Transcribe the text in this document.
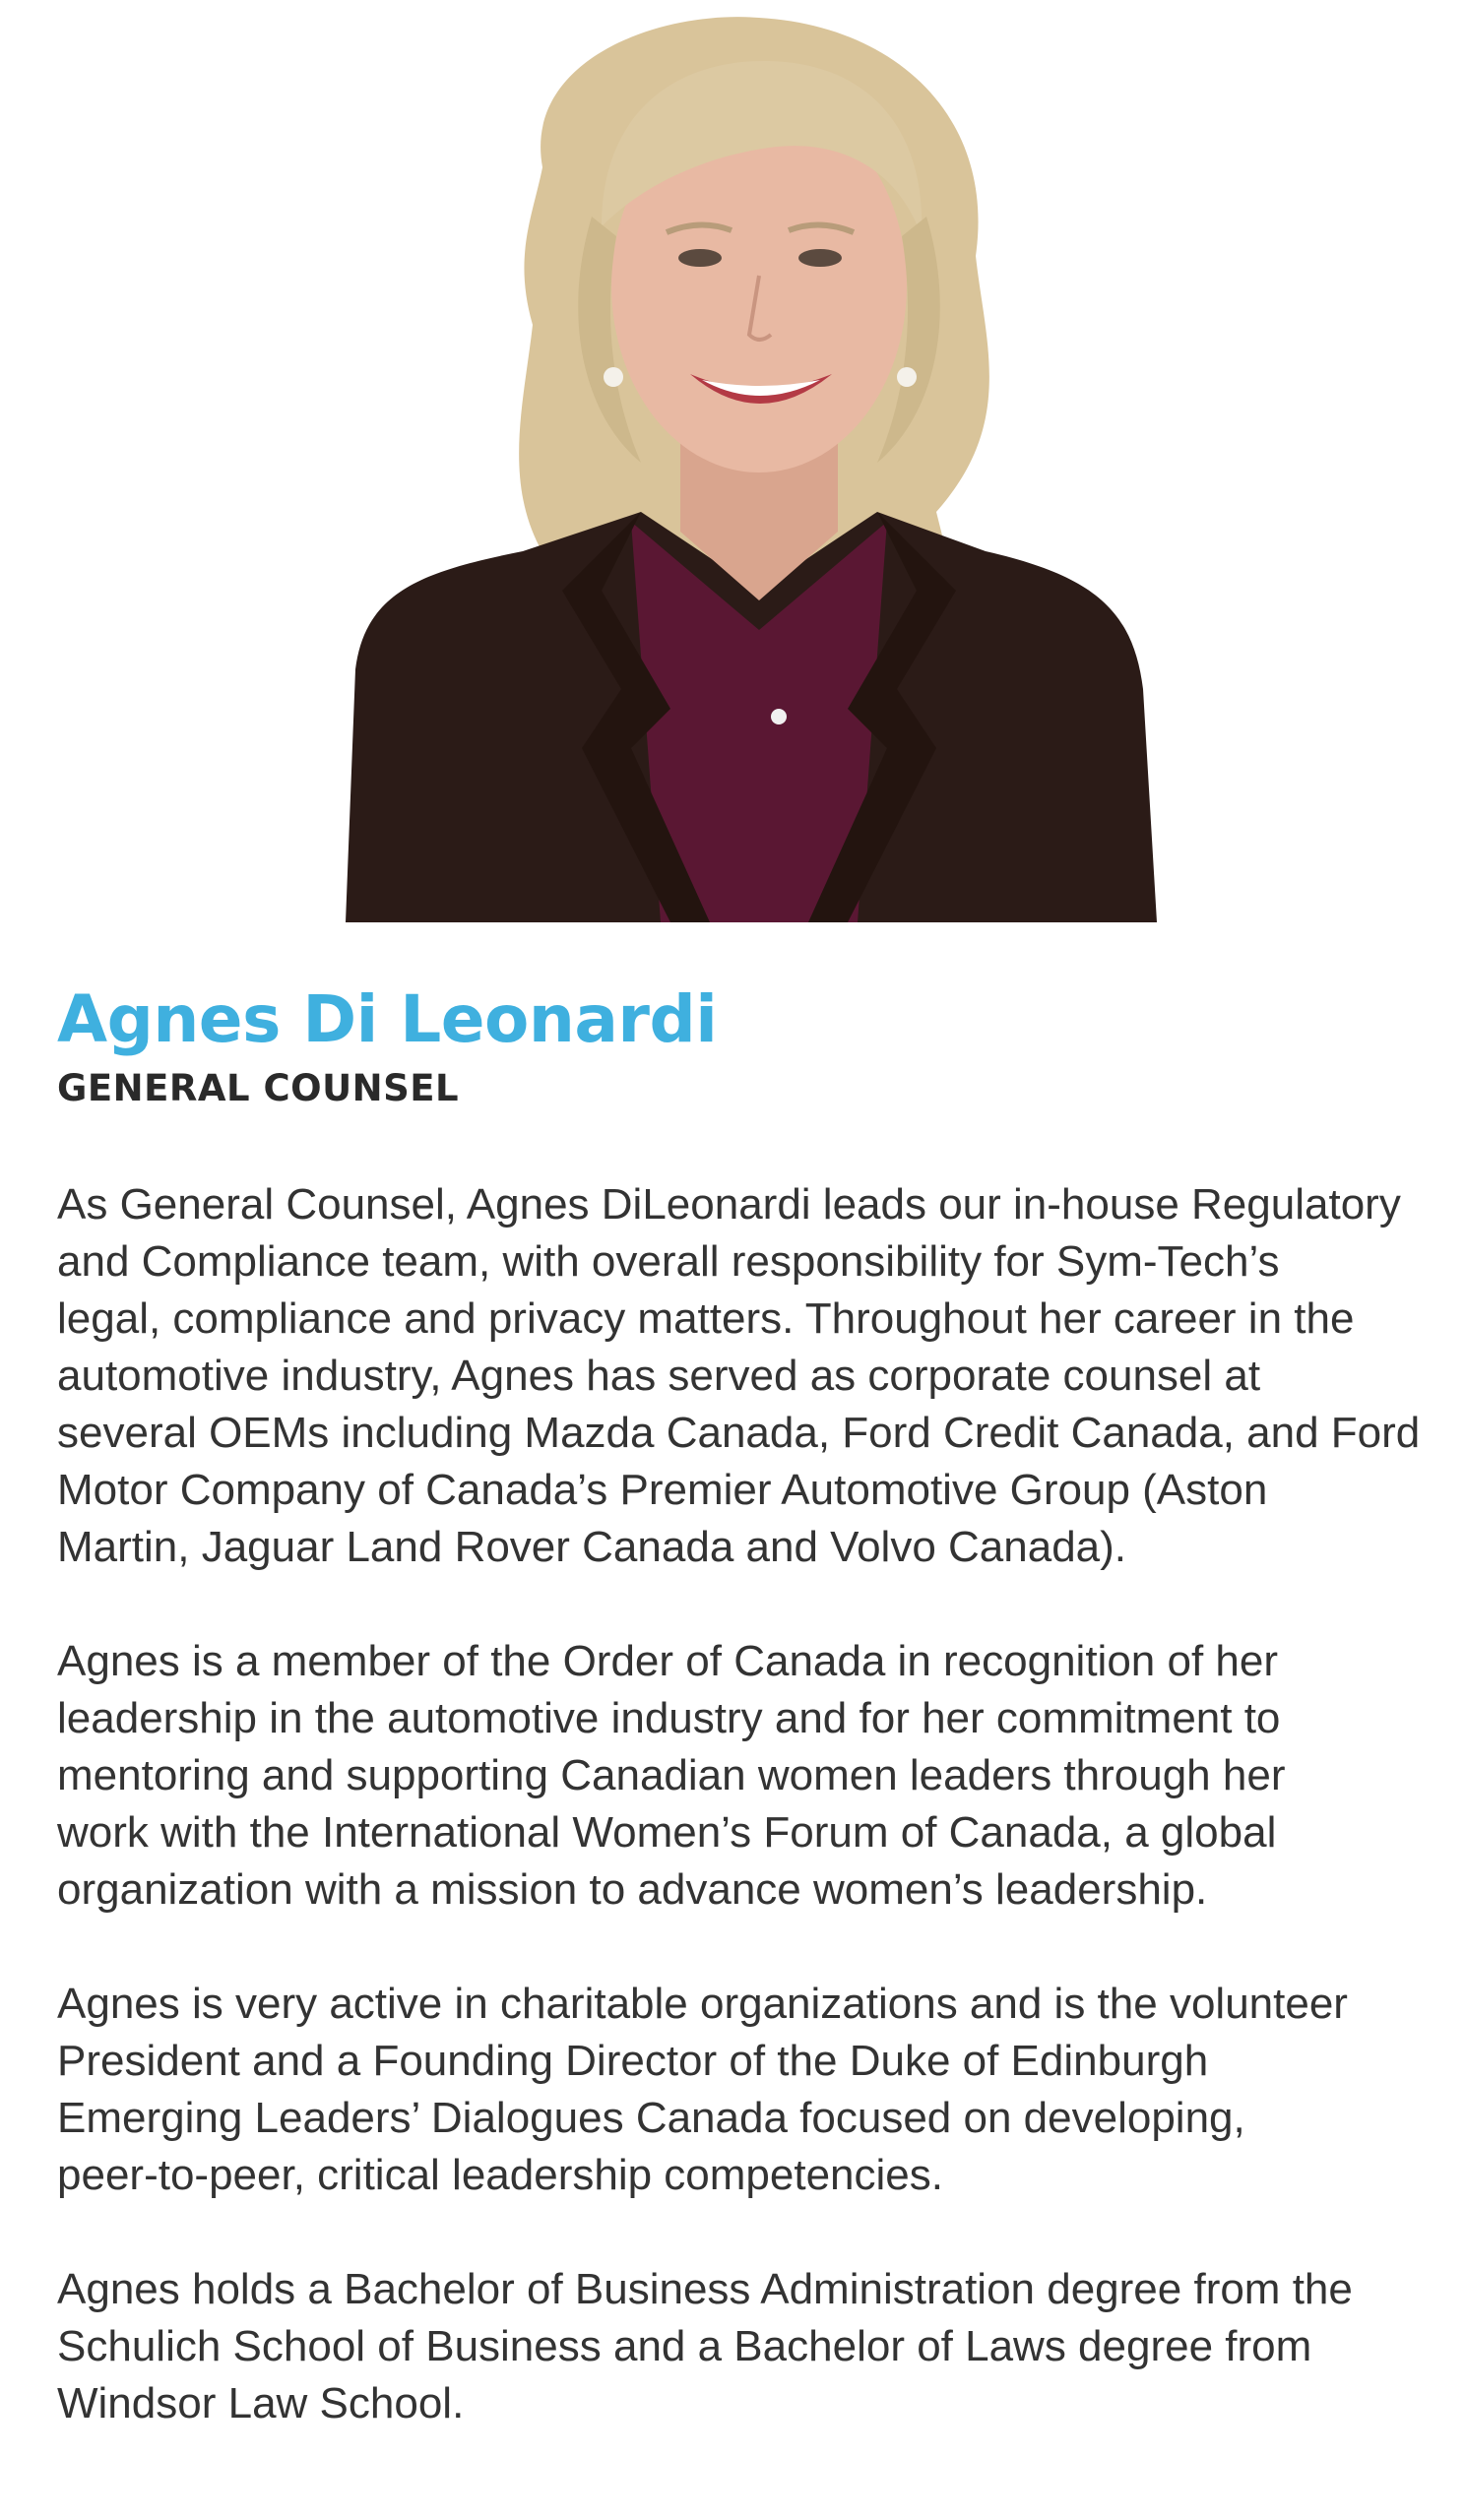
Agnes Di Leonardi
GENERAL COUNSEL

As General Counsel, Agnes DiLeonardi leads our in-house Regulatory
and Compliance team, with overall responsibility for Sym-Tech’s
legal, compliance and privacy matters. Throughout her career in the
automotive industry, Agnes has served as corporate counsel at
several OEMs including Mazda Canada, Ford Credit Canada, and Ford
Motor Company of Canada’s Premier Automotive Group (Aston
Martin, Jaguar Land Rover Canada and Volvo Canada).

Agnes is a member of the Order of Canada in recognition of her
leadership in the automotive industry and for her commitment to
mentoring and supporting Canadian women leaders through her
work with the International Women’s Forum of Canada, a global
organization with a mission to advance women’s leadership.

Agnes is very active in charitable organizations and is the volunteer
President and a Founding Director of the Duke of Edinburgh
Emerging Leaders’ Dialogues Canada focused on developing,
peer-to-peer, critical leadership competencies.

Agnes holds a Bachelor of Business Administration degree from the
Schulich School of Business and a Bachelor of Laws degree from
Windsor Law School.
